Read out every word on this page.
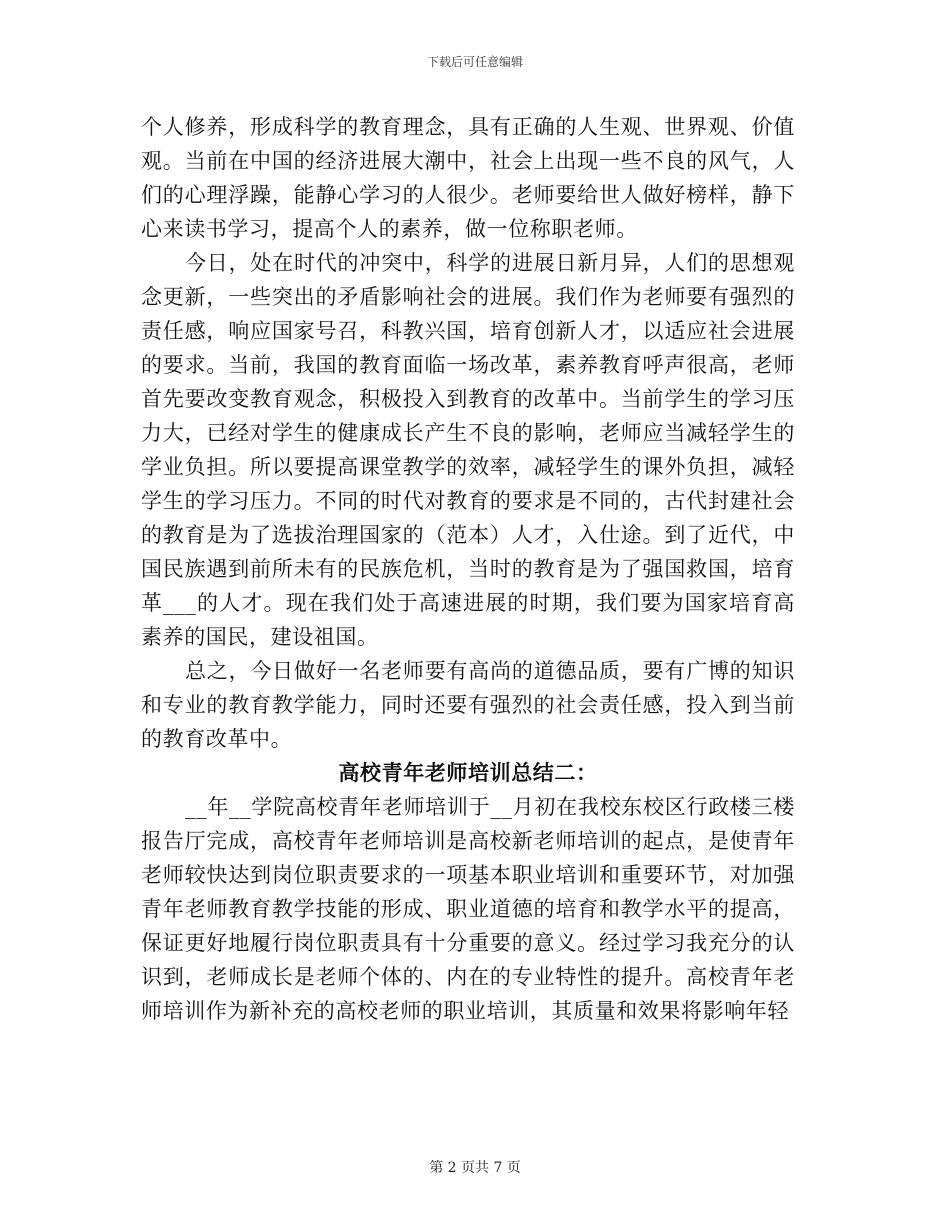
下载后可任意编辑

个人修养，形成科学的教育理念，具有正确的人生观、世界观、价值观。当前在中国的经济进展大潮中，社会上出现一些不良的风气，人们的心理浮躁，能静心学习的人很少。老师要给世人做好榜样，静下心来读书学习，提高个人的素养，做一位称职老师。

今日，处在时代的冲突中，科学的进展日新月异，人们的思想观念更新，一些突出的矛盾影响社会的进展。我们作为老师要有强烈的责任感，响应国家号召，科教兴国，培育创新人才，以适应社会进展的要求。当前，我国的教育面临一场改革，素养教育呼声很高，老师首先要改变教育观念，积极投入到教育的改革中。当前学生的学习压力大，已经对学生的健康成长产生不良的影响，老师应当减轻学生的学业负担。所以要提高课堂教学的效率，减轻学生的课外负担，减轻学生的学习压力。不同的时代对教育的要求是不同的，古代封建社会的教育是为了选拔治理国家的（范本）人才，入仕途。到了近代，中国民族遇到前所未有的民族危机，当时的教育是为了强国救国，培育革___的人才。现在我们处于高速进展的时期，我们要为国家培育高素养的国民，建设祖国。

总之，今日做好一名老师要有高尚的道德品质，要有广博的知识和专业的教育教学能力，同时还要有强烈的社会责任感，投入到当前的教育改革中。

高校青年老师培训总结二：

__年__学院高校青年老师培训于__月初在我校东校区行政楼三楼报告厅完成，高校青年老师培训是高校新老师培训的起点，是使青年老师较快达到岗位职责要求的一项基本职业培训和重要环节，对加强青年老师教育教学技能的形成、职业道德的培育和教学水平的提高，保证更好地履行岗位职责具有十分重要的意义。经过学习我充分的认识到，老师成长是老师个体的、内在的专业特性的提升。高校青年老师培训作为新补充的高校老师的职业培训，其质量和效果将影响年轻

第 2 页共 7 页
